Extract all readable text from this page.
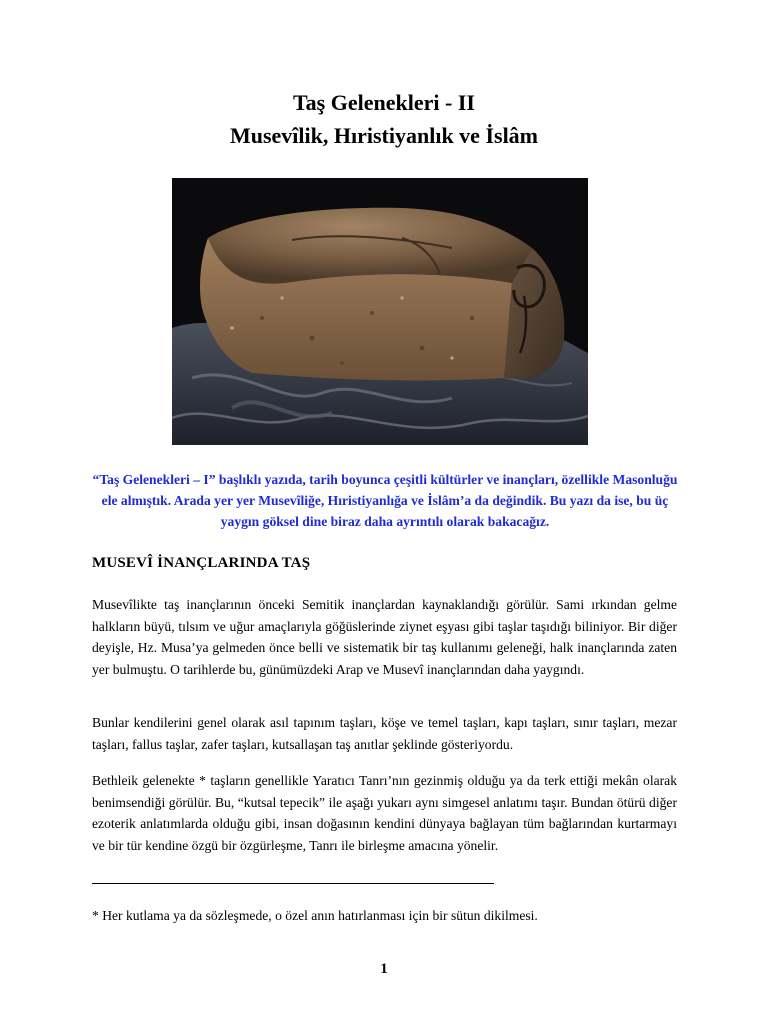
Taş Gelenekleri - II
Musevîlik, Hıristiyanlık ve İslâm
“Taş Gelenekleri – I” başlıklı yazıda, tarih boyunca çeşitli kültürler ve inançları, özellikle Masonluğu ele almıştık. Arada yer yer Musevîliğe, Hıristiyanlığa ve İslâm’a da değindik. Bu yazı da ise, bu üç yaygın göksel dine biraz daha ayrıntılı olarak bakacağız.
MUSEVÎ İNANÇLARINDA TAŞ
Musevîlikte taş inançlarının önceki Semitik inançlardan kaynaklandığı görülür. Sami ırkından gelme halkların büyü, tılsım ve uğur amaçlarıyla göğüslerinde ziynet eşyası gibi taşlar taşıdığı biliniyor. Bir diğer deyişle, Hz. Musa’ya gelmeden önce belli ve sistematik bir taş kullanımı geleneği, halk inançlarında zaten yer bulmuştu. O tarihlerde bu, günümüzdeki Arap ve Musevî inançlarından daha yaygındı.
Bunlar kendilerini genel olarak asıl tapınım taşları, köşe ve temel taşları, kapı taşları, sınır taşları, mezar taşları, fallus taşlar, zafer taşları, kutsallaşan taş anıtlar şeklinde gösteriyordu.
Bethleik gelenekte * taşların genellikle Yaratıcı Tanrı’nın gezinmiş olduğu ya da terk ettiği mekân olarak benimsendiği görülür. Bu, “kutsal tepecik” ile aşağı yukarı aynı simgesel anlatımı taşır. Bundan ötürü diğer ezoterik anlatımlarda olduğu gibi, insan doğasının kendini dünyaya bağlayan tüm bağlarından kurtarmayı ve bir tür kendine özgü bir özgürleşme, Tanrı ile birleşme amacına yönelir.
* Her kutlama ya da sözleşmede, o özel anın hatırlanması için bir sütun dikilmesi.
1
